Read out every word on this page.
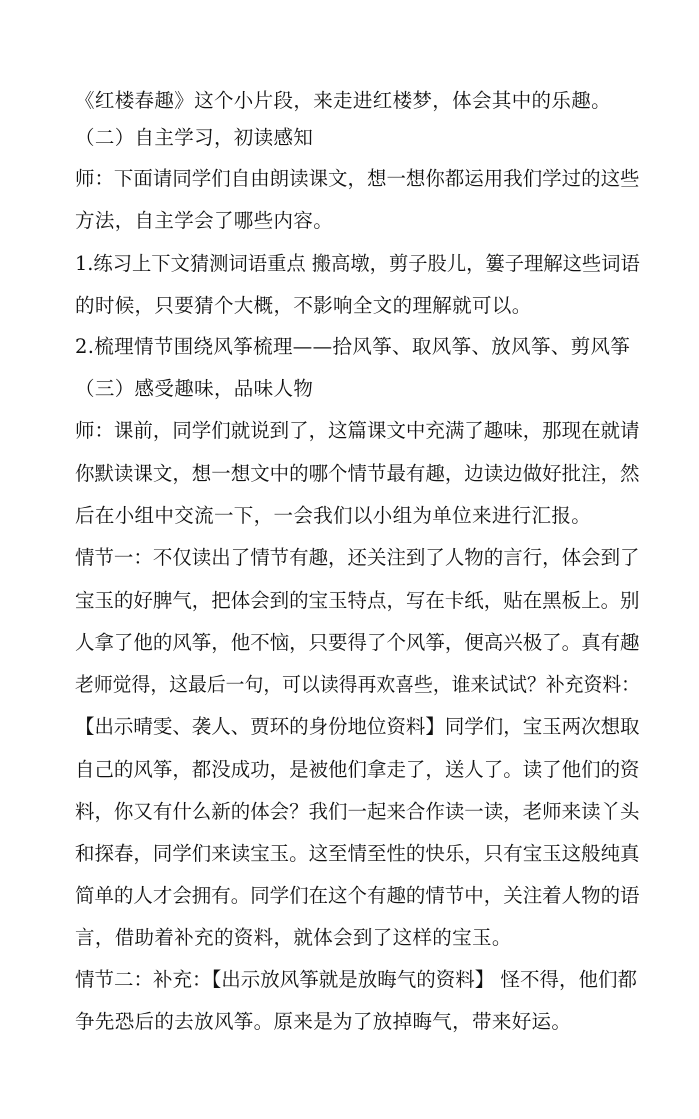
《红楼春趣》这个小片段，来走进红楼梦，体会其中的乐趣。
（二）自主学习，初读感知
师：下面请同学们自由朗读课文，想一想你都运用我们学过的这些
方法，自主学会了哪些内容。
1.练习上下文猜测词语重点 搬高墩，剪子股儿，簍子理解这些词语
的时候，只要猜个大概，不影响全文的理解就可以。
2.梳理情节围绕风筝梳理——拾风筝、取风筝、放风筝、剪风筝
（三）感受趣味，品味人物
师：课前，同学们就说到了，这篇课文中充满了趣味，那现在就请
你默读课文，想一想文中的哪个情节最有趣，边读边做好批注，然
后在小组中交流一下，一会我们以小组为单位来进行汇报。
情节一：不仅读出了情节有趣，还关注到了人物的言行，体会到了
宝玉的好脾气，把体会到的宝玉特点，写在卡纸，贴在黑板上。别
人拿了他的风筝，他不恼，只要得了个风筝，便高兴极了。真有趣
老师觉得，这最后一句，可以读得再欢喜些，谁来试试？补充资料：
【出示晴雯、袭人、贾环的身份地位资料】同学们，宝玉两次想取
自己的风筝，都没成功，是被他们拿走了，送人了。读了他们的资
料，你又有什么新的体会？我们一起来合作读一读，老师来读丫头
和探春，同学们来读宝玉。这至情至性的快乐，只有宝玉这般纯真
简单的人才会拥有。同学们在这个有趣的情节中，关注着人物的语
言，借助着补充的资料，就体会到了这样的宝玉。
情节二：补充：【出示放风筝就是放晦气的资料】 怪不得，他们都
争先恐后的去放风筝。原来是为了放掉晦气，带来好运。
